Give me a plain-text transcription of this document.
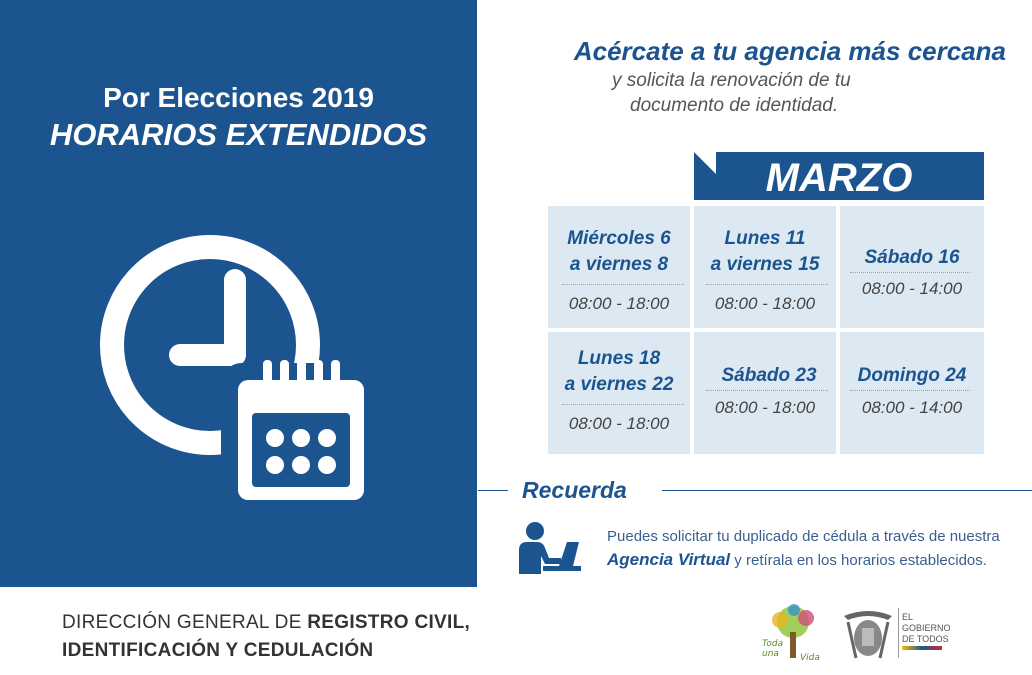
Por Elecciones 2019
HORARIOS EXTENDIDOS
Acércate a tu agencia más cercana
y solicita la renovación de tu
documento de identidad.
MARZO
Miércoles 6
a viernes 8
08:00 - 18:00
Lunes 11
a viernes 15
08:00 - 18:00
Sábado 16
08:00 - 14:00
Lunes 18
a viernes 22
08:00 - 18:00
Sábado 23
08:00 - 18:00
Domingo 24
08:00 - 14:00
Recuerda
Puedes solicitar tu duplicado de cédula a través de nuestra
Agencia Virtual y retírala en los horarios establecidos.
DIRECCIÓN GENERAL DE REGISTRO CIVIL,
IDENTIFICACIÓN Y CEDULACIÓN	Toda
una Vida
EL
GOBIERNO
DE TODOS
